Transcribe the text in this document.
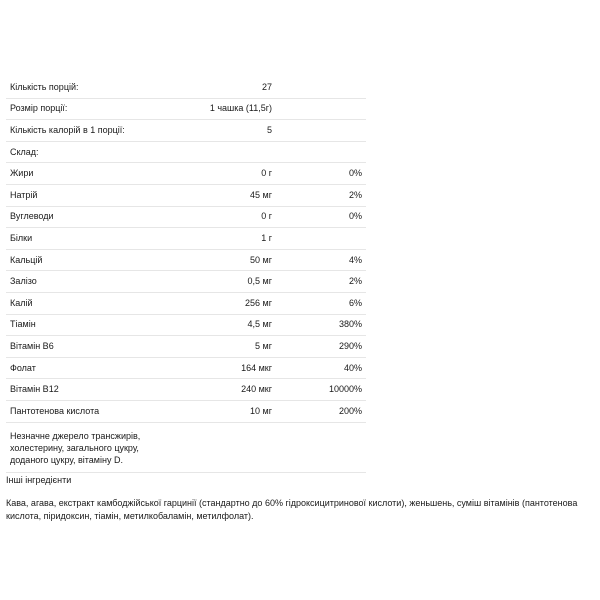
Кількість порцій:	27	
Розмір порції:	1 чашка (11,5г)	
Кількість калорій в 1 порції:	5	
Склад:		
Жири	0 г	0%
Натрій	45 мг	2%
Вуглеводи	0 г	0%
Білки	1 г	
Кальцій	50 мг	4%
Залізо	0,5 мг	2%
Калій	256 мг	6%
Тіамін	4,5 мг	380%
Вітамін B6	5 мг	290%
Фолат	164 мкг	40%
Вітамін B12	240 мкг	10000%
Пантотенова кислота	10 мг	200%

Незначне джерело трансжирів, холестерину, загального цукру, доданого цукру, вітаміну D.		

Інші інгредієнти

Кава, агава, екстракт камбоджійської гарцинії (стандартно до 60% гідроксицитринової кислоти), женьшень, суміш вітамінів (пантотенова кислота, піридоксин, тіамін, метилкобаламін, метилфолат).
